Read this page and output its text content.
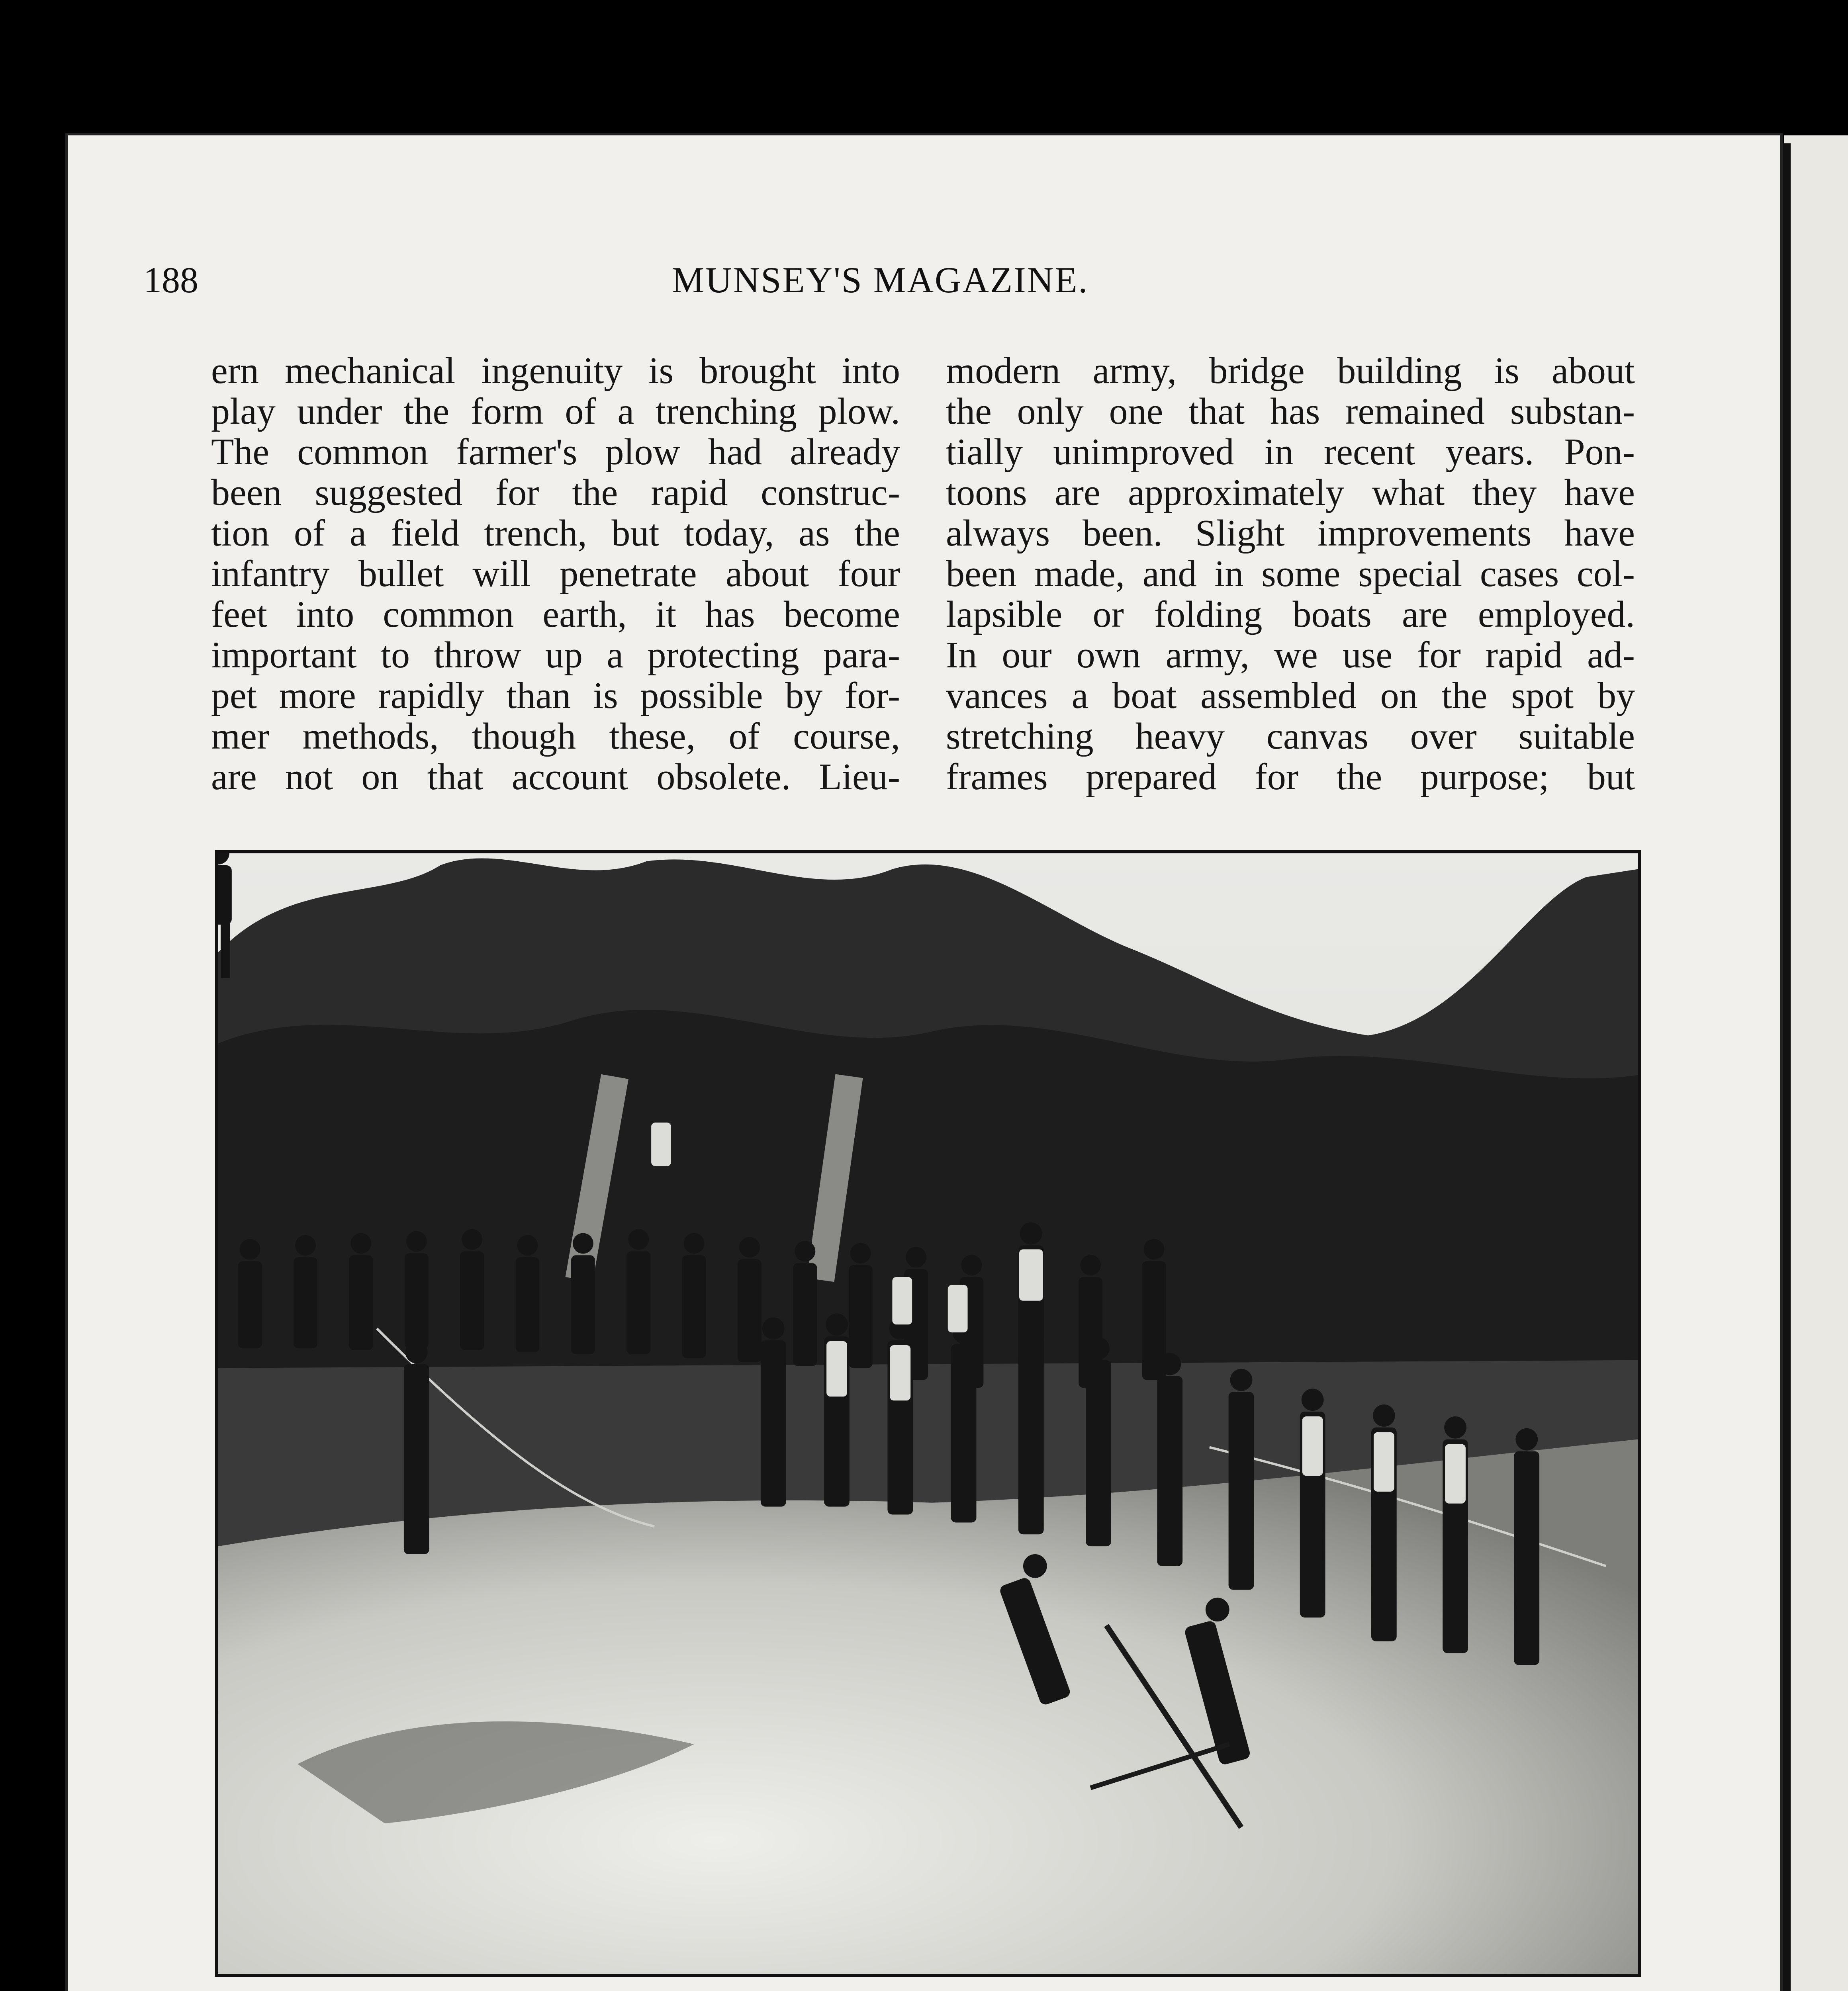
188	MUNSEY'S MAGAZINE.
ern mechanical ingenuity is brought into
play under the form of a trenching plow.
The common farmer's plow had already
been suggested for the rapid construc-
tion of a field trench, but today, as the
infantry bullet will penetrate about four
feet into common earth, it has become
important to throw up a protecting para-
pet more rapidly than is possible by for-
mer methods, though these, of course,
are not on that account obsolete. Lieu-
modern army, bridge building is about
the only one that has remained substan-
tially unimproved in recent years. Pon-
toons are approximately what they have
always been. Slight improvements have
been made, and in some special cases col-
lapsible or folding boats are employed.
In our own army, we use for rapid ad-
vances a boat assembled on the spot by
stretching heavy canvas over suitable
frames prepared for the purpose; but
